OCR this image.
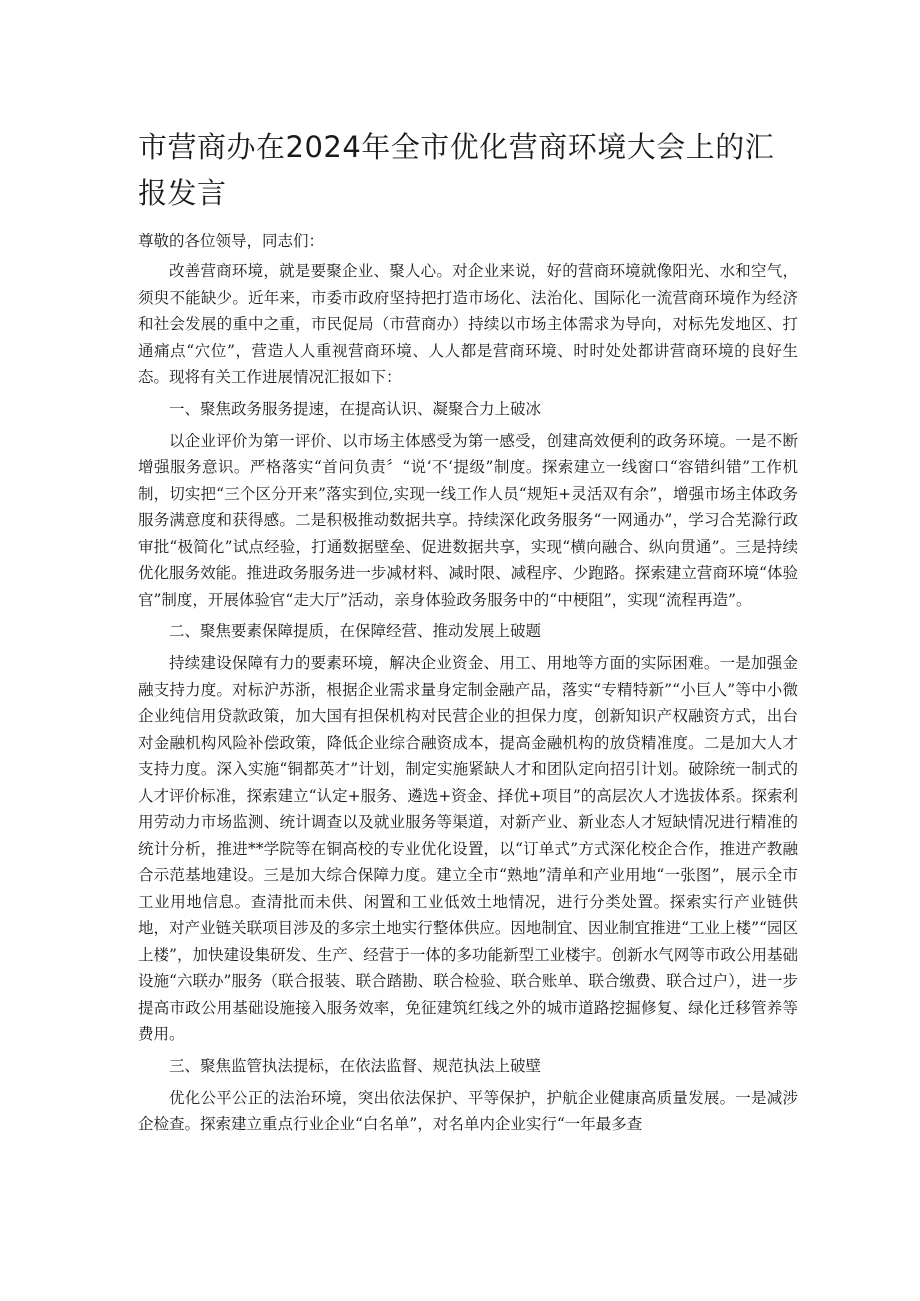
市营商办在2024年全市优化营商环境大会上的汇报发言

尊敬的各位领导，同志们：

改善营商环境，就是要聚企业、聚人心。对企业来说，好的营商环境就像阳光、水和空气，须臾不能缺少。近年来，市委市政府坚持把打造市场化、法治化、国际化一流营商环境作为经济和社会发展的重中之重，市民促局（市营商办）持续以市场主体需求为导向，对标先发地区、打通痛点“穴位”，营造人人重视营商环境、人人都是营商环境、时时处处都讲营商环境的良好生态。现将有关工作进展情况汇报如下：

一、聚焦政务服务提速，在提高认识、凝聚合力上破冰

以企业评价为第一评价、以市场主体感受为第一感受，创建高效便利的政务环境。一是不断增强服务意识。严格落实“首问负责〞“说‘不‘提级”制度。探索建立一线窗口“容错纠错”工作机制，切实把“三个区分开来”落实到位,实现一线工作人员“规矩+灵活双有余”，增强市场主体政务服务满意度和获得感。二是积极推动数据共享。持续深化政务服务“一网通办”，学习合芜滁行政审批“极简化”试点经验，打通数据壁垒、促进数据共享，实现“横向融合、纵向贯通”。三是持续优化服务效能。推进政务服务进一步减材料、减时限、减程序、少跑路。探索建立营商环境“体验官”制度，开展体验官“走大厅”活动，亲身体验政务服务中的“中梗阻”，实现“流程再造”。

二、聚焦要素保障提质，在保障经营、推动发展上破题

持续建设保障有力的要素环境，解决企业资金、用工、用地等方面的实际困难。一是加强金融支持力度。对标沪苏浙，根据企业需求量身定制金融产品，落实“专精特新”“小巨人”等中小微企业纯信用贷款政策，加大国有担保机构对民营企业的担保力度，创新知识产权融资方式，出台对金融机构风险补偿政策，降低企业综合融资成本，提高金融机构的放贷精准度。二是加大人才支持力度。深入实施“铜都英才”计划，制定实施紧缺人才和团队定向招引计划。破除统一制式的人才评价标准，探索建立“认定+服务、遴选+资金、择优+项目”的高层次人才选拔体系。探索利用劳动力市场监测、统计调查以及就业服务等渠道，对新产业、新业态人才短缺情况进行精准的统计分析，推进**学院等在铜高校的专业优化设置，以“订单式”方式深化校企合作，推进产教融合示范基地建设。三是加大综合保障力度。建立全市“熟地”清单和产业用地“一张图”，展示全市工业用地信息。查清批而未供、闲置和工业低效土地情况，进行分类处置。探索实行产业链供地，对产业链关联项目涉及的多宗土地实行整体供应。因地制宜、因业制宜推进“工业上楼”“园区上楼”，加快建设集研发、生产、经营于一体的多功能新型工业楼宇。创新水气网等市政公用基础设施“六联办”服务（联合报装、联合踏勘、联合检验、联合账单、联合缴费、联合过户），进一步提高市政公用基础设施接入服务效率，免征建筑红线之外的城市道路挖掘修复、绿化迁移管养等费用。

三、聚焦监管执法提标，在依法监督、规范执法上破壁

优化公平公正的法治环境，突出依法保护、平等保护，护航企业健康高质量发展。一是减涉企检查。探索建立重点行业企业“白名单”，对名单内企业实行“一年最多查
